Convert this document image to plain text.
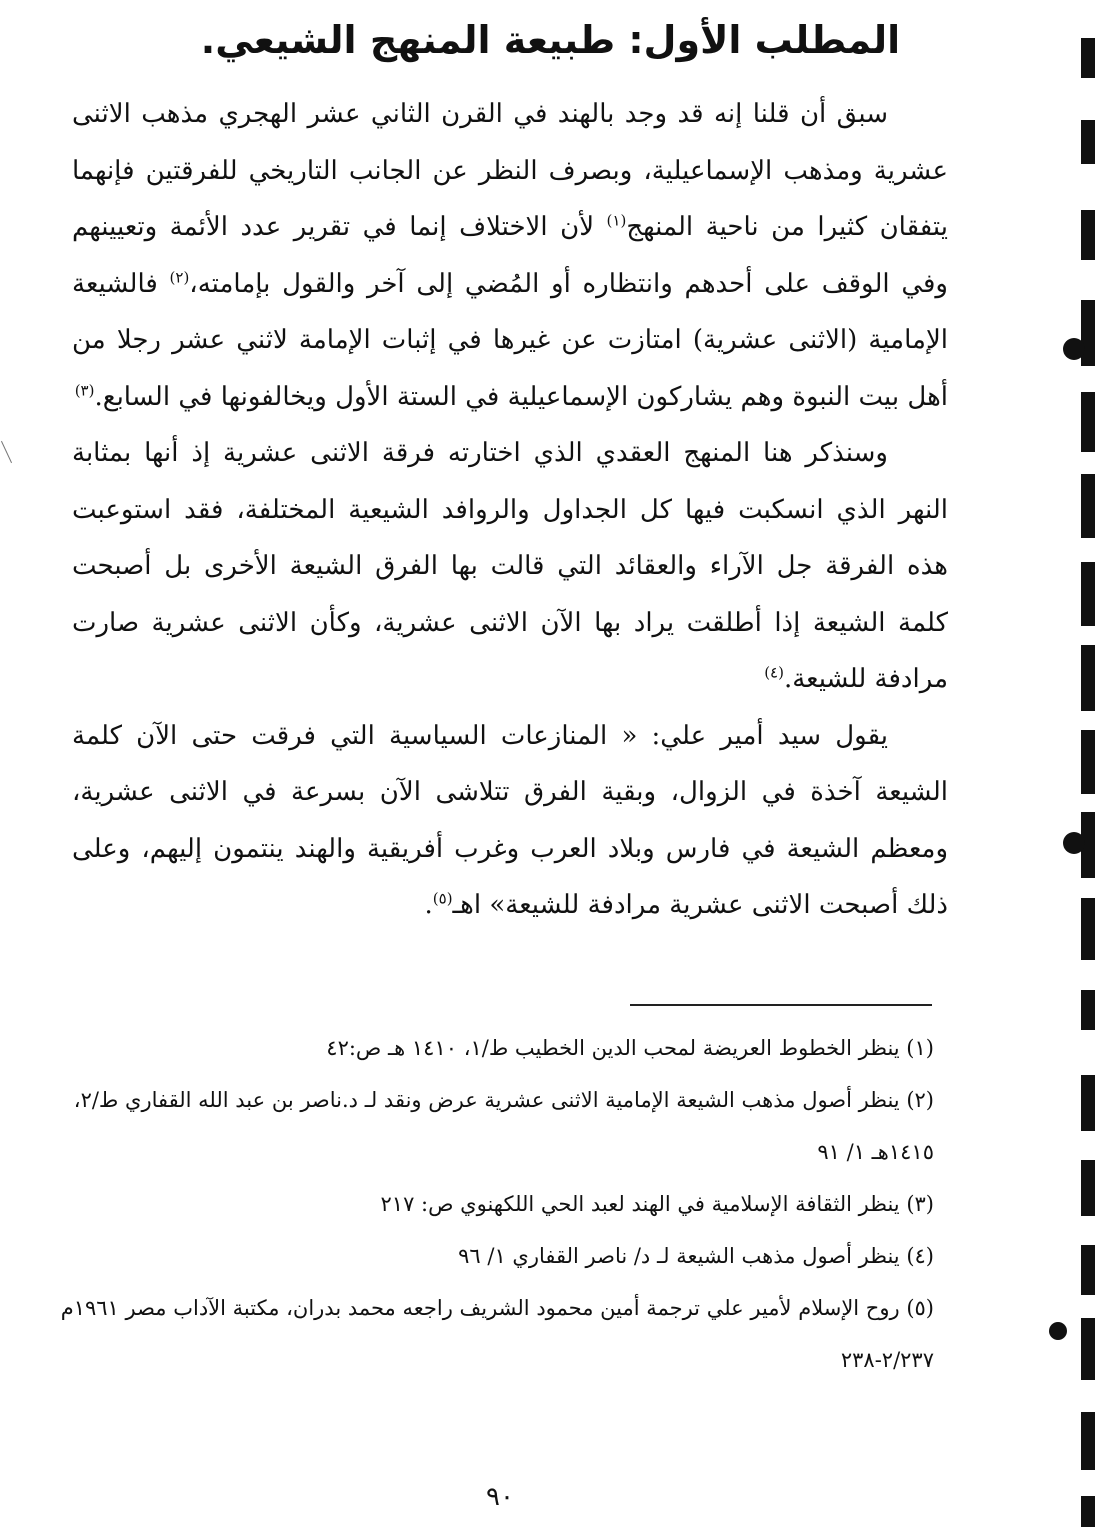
المطلب الأول: طبيعة المنهج الشيعي.

سبق أن قلنا إنه قد وجد بالهند في القرن الثاني عشر الهجري مذهب الاثنى عشرية ومذهب الإسماعيلية، وبصرف النظر عن الجانب التاريخي للفرقتين فإنهما يتفقان كثيرا من ناحية المنهج$^{(١)}$ لأن الاختلاف إنما في تقرير عدد الأئمة وتعيينهم وفي الوقف على أحدهم وانتظاره أو المُضي إلى آخر والقول بإمامته،$^{(٢)}$ فالشيعة الإمامية (الاثنى عشرية) امتازت عن غيرها في إثبات الإمامة لاثني عشر رجلا من أهل بيت النبوة وهم يشاركون الإسماعيلية في الستة الأول ويخالفونها في السابع.$^{(٣)}$

وسنذكر هنا المنهج العقدي الذي اختارته فرقة الاثنى عشرية إذ أنها بمثابة النهر الذي انسكبت فيها كل الجداول والروافد الشيعية المختلفة، فقد استوعبت هذه الفرقة جل الآراء والعقائد التي قالت بها الفرق الشيعة الأخرى بل أصبحت كلمة الشيعة إذا أطلقت يراد بها الآن الاثنى عشرية، وكأن الاثنى عشرية صارت مرادفة للشيعة.$^{(٤)}$

يقول سيد أمير علي: « المنازعات السياسية التي فرقت حتى الآن كلمة الشيعة آخذة في الزوال، وبقية الفرق تتلاشى الآن بسرعة في الاثنى عشرية، ومعظم الشيعة في فارس وبلاد العرب وغرب أفريقية والهند ينتمون إليهم، وعلى ذلك أصبحت الاثنى عشرية مرادفة للشيعة» اهـ$^{(٥)}$.

(١) ينظر الخطوط العريضة لمحب الدين الخطيب ط/١، ١٤١٠ هـ ص:٤٢

(٢) ينظر أصول مذهب الشيعة الإمامية الاثنى عشرية عرض ونقد لـ د.ناصر بن عبد الله القفاري ط/٢، ١٤١٥هـ ١/ ٩١

(٣) ينظر الثقافة الإسلامية في الهند لعبد الحي اللكهنوي ص: ٢١٧

(٤) ينظر أصول مذهب الشيعة لـ د/ ناصر القفاري ١/ ٩٦

(٥) روح الإسلام لأمير علي ترجمة أمين محمود الشريف راجعه محمد بدران، مكتبة الآداب مصر ١٩٦١م ٢/٢٣٧-٢٣٨

٩٠
